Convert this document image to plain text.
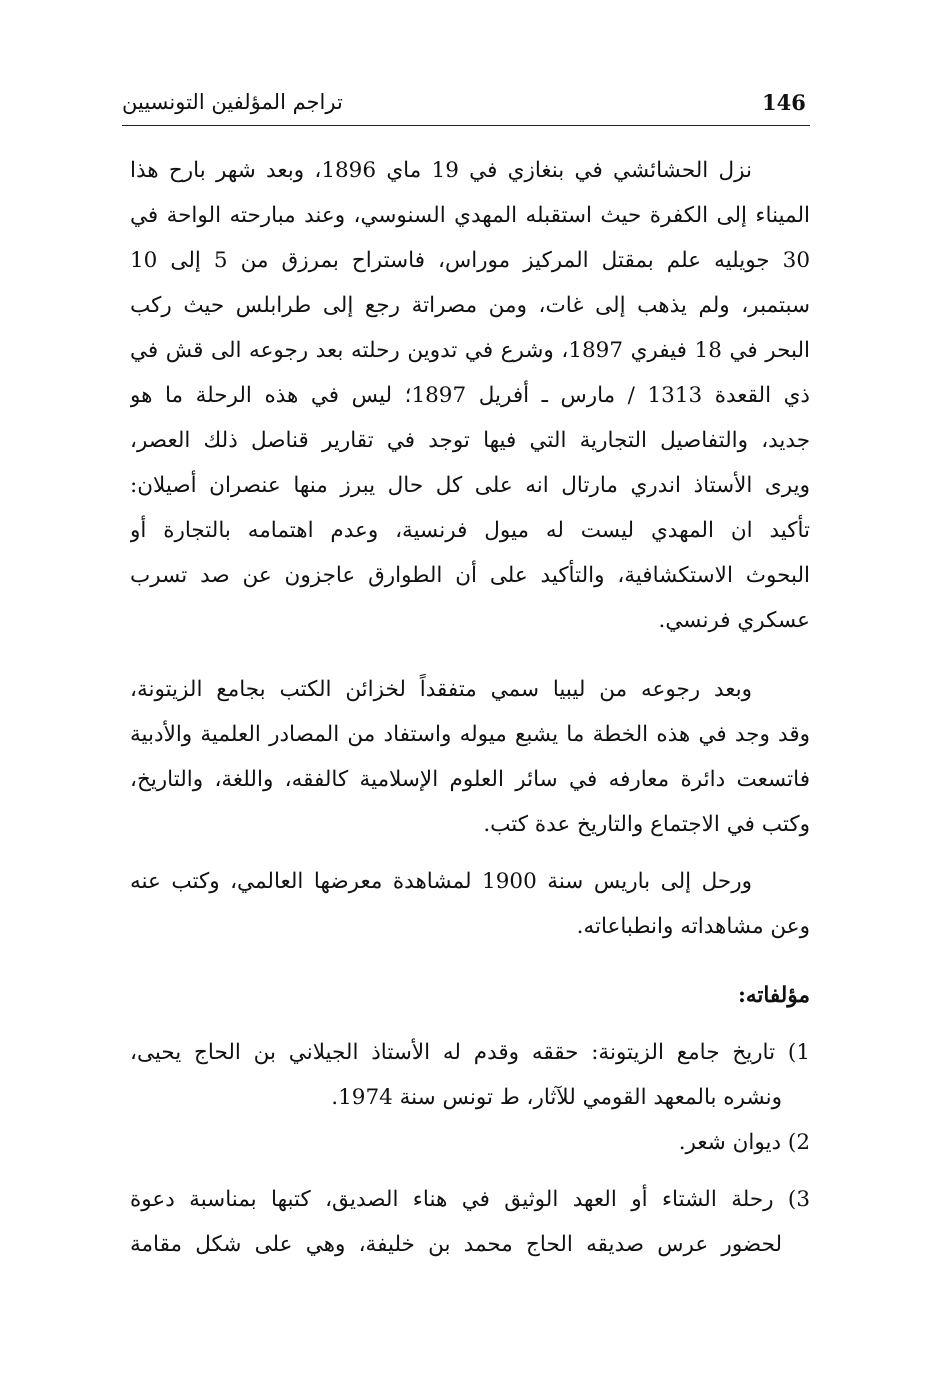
146
تراجم المؤلفين التونسيين
نزل الحشائشي في بنغازي في 19 ماي 1896، وبعد شهر بارح هذا
الميناء إلى الكفرة حيث استقبله المهدي السنوسي، وعند مبارحته الواحة في
30 جويليه علم بمقتل المركيز موراس، فاستراح بمرزق من 5 إلى 10
سبتمبر، ولم يذهب إلى غات، ومن مصراتة رجع إلى طرابلس حيث ركب
البحر في 18 فيفري 1897، وشرع في تدوين رحلته بعد رجوعه الى قش في
ذي القعدة 1313 / مارس ـ أفريل 1897؛ ليس في هذه الرحلة ما هو
جديد، والتفاصيل التجارية التي فيها توجد في تقارير قناصل ذلك العصر،
ويرى الأستاذ اندري مارتال انه على كل حال يبرز منها عنصران أصيلان:
تأكيد ان المهدي ليست له ميول فرنسية، وعدم اهتمامه بالتجارة أو
البحوث الاستكشافية، والتأكيد على أن الطوارق عاجزون عن صد تسرب
عسكري فرنسي.
وبعد رجوعه من ليبيا سمي متفقداً لخزائن الكتب بجامع الزيتونة،
وقد وجد في هذه الخطة ما يشبع ميوله واستفاد من المصادر العلمية والأدبية
فاتسعت دائرة معارفه في سائر العلوم الإسلامية كالفقه، واللغة، والتاريخ،
وكتب في الاجتماع والتاريخ عدة كتب.
ورحل إلى باريس سنة 1900 لمشاهدة معرضها العالمي، وكتب عنه
وعن مشاهداته وانطباعاته.
مؤلفاته:
1) تاريخ جامع الزيتونة: حققه وقدم له الأستاذ الجيلاني بن الحاج يحيى،
ونشره بالمعهد القومي للآثار، ط تونس سنة 1974.
2) ديوان شعر.
3) رحلة الشتاء أو العهد الوثيق في هناء الصديق، كتبها بمناسبة دعوة
لحضور عرس صديقه الحاج محمد بن خليفة، وهي على شكل مقامة
